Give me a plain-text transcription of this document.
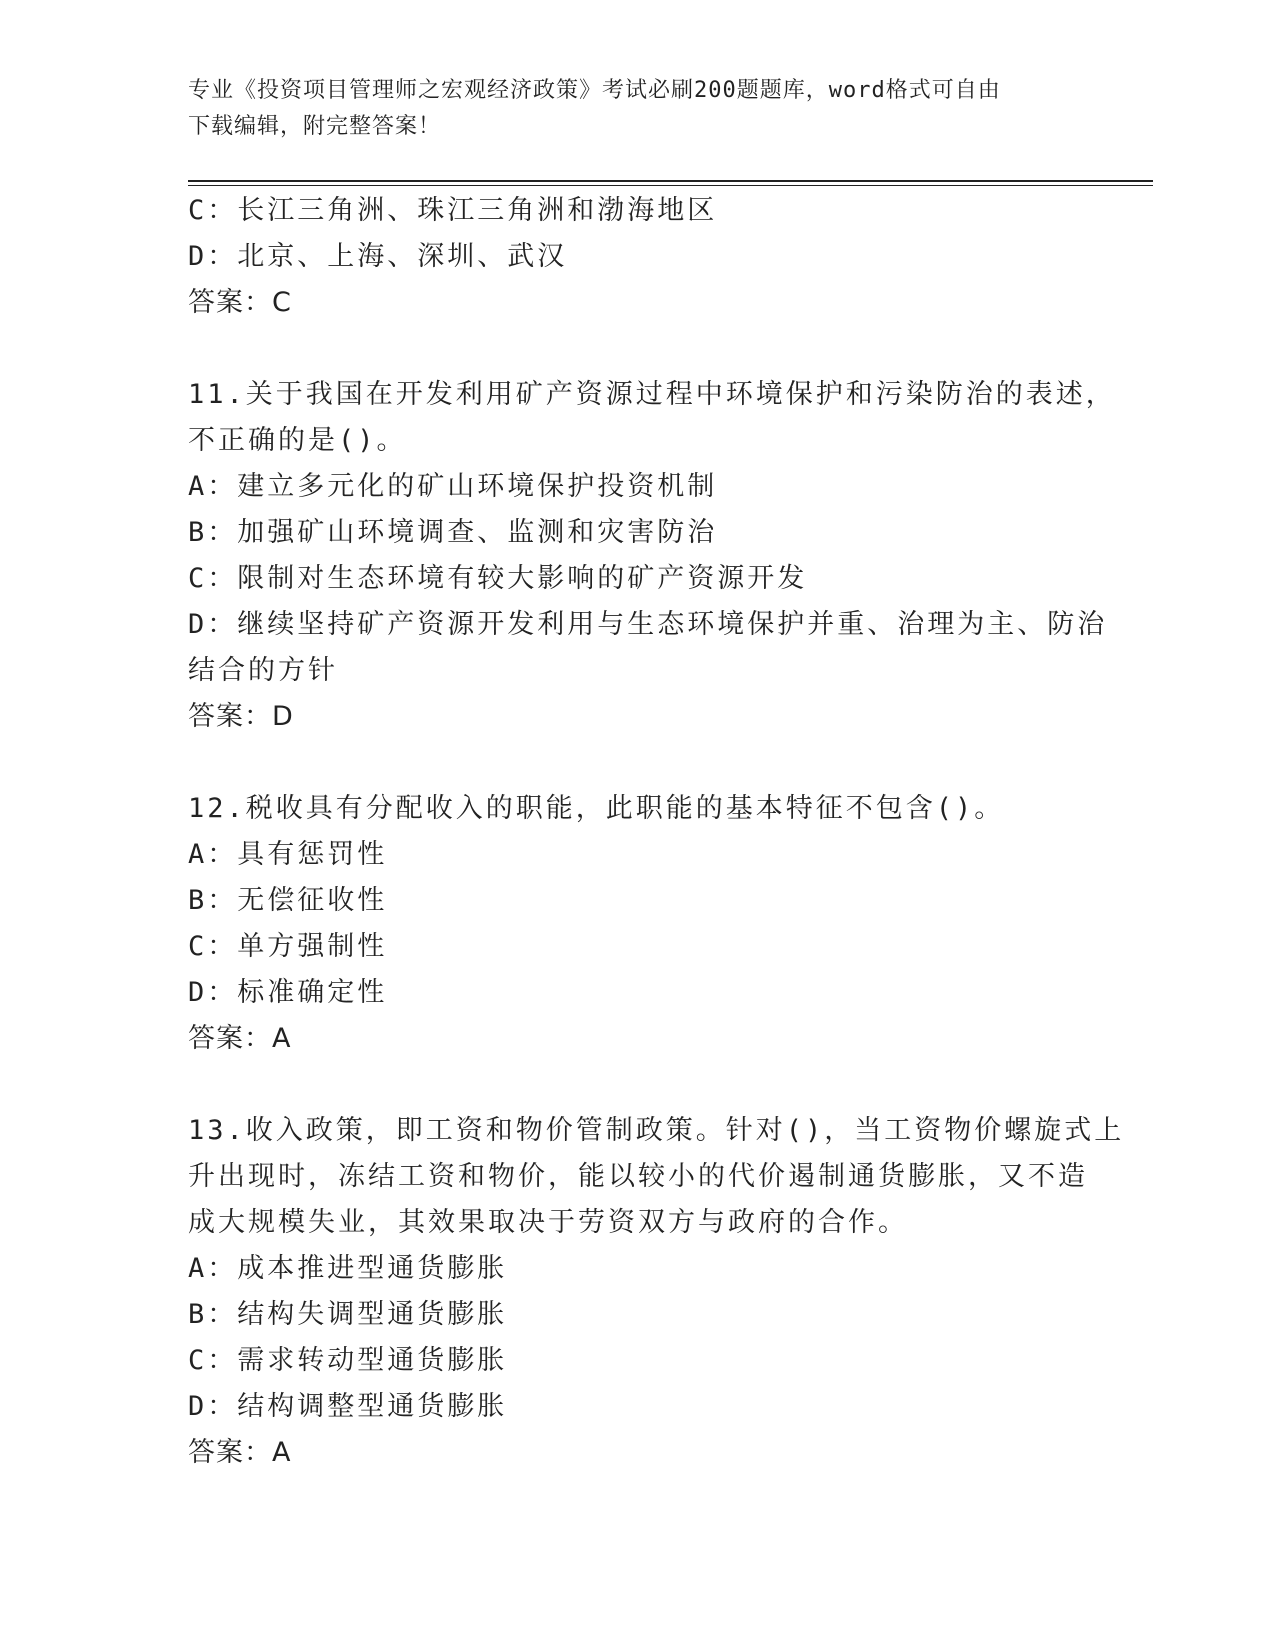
专业《投资项目管理师之宏观经济政策》考试必刷200题题库，word格式可自由
下载编辑，附完整答案！
C：长江三角洲、珠江三角洲和渤海地区
D：北京、上海、深圳、武汉
答案：C
11.关于我国在开发利用矿产资源过程中环境保护和污染防治的表述，
不正确的是()。
A：建立多元化的矿山环境保护投资机制
B：加强矿山环境调查、监测和灾害防治
C：限制对生态环境有较大影响的矿产资源开发
D：继续坚持矿产资源开发利用与生态环境保护并重、治理为主、防治
结合的方针
答案：D
12.税收具有分配收入的职能，此职能的基本特征不包含()。
A：具有惩罚性
B：无偿征收性
C：单方强制性
D：标准确定性
答案：A
13.收入政策，即工资和物价管制政策。针对()，当工资物价螺旋式上
升出现时，冻结工资和物价，能以较小的代价遏制通货膨胀，又不造
成大规模失业，其效果取决于劳资双方与政府的合作。
A：成本推进型通货膨胀
B：结构失调型通货膨胀
C：需求转动型通货膨胀
D：结构调整型通货膨胀
答案：A
